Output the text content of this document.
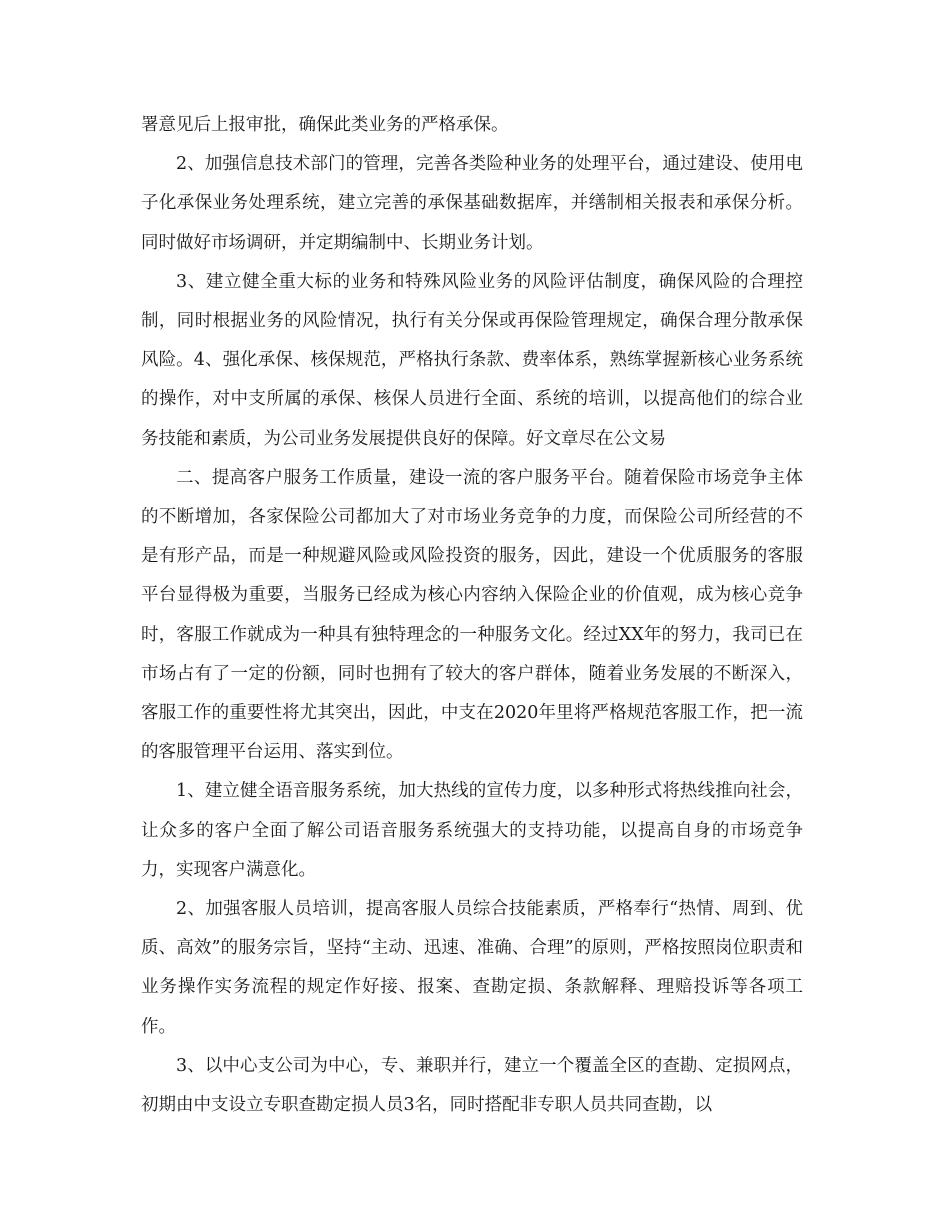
署意见后上报审批，确保此类业务的严格承保。

2、加强信息技术部门的管理，完善各类险种业务的处理平台，通过建设、使用电子化承保业务处理系统，建立完善的承保基础数据库，并缮制相关报表和承保分析。同时做好市场调研，并定期编制中、长期业务计划。

3、建立健全重大标的业务和特殊风险业务的风险评估制度，确保风险的合理控制，同时根据业务的风险情况，执行有关分保或再保险管理规定，确保合理分散承保风险。4、强化承保、核保规范，严格执行条款、费率体系，熟练掌握新核心业务系统的操作，对中支所属的承保、核保人员进行全面、系统的培训，以提高他们的综合业务技能和素质，为公司业务发展提供良好的保障。好文章尽在公文易

二、提高客户服务工作质量，建设一流的客户服务平台。随着保险市场竞争主体的不断增加，各家保险公司都加大了对市场业务竞争的力度，而保险公司所经营的不是有形产品，而是一种规避风险或风险投资的服务，因此，建设一个优质服务的客服平台显得极为重要，当服务已经成为核心内容纳入保险企业的价值观，成为核心竞争时，客服工作就成为一种具有独特理念的一种服务文化。经过XX年的努力，我司已在市场占有了一定的份额，同时也拥有了较大的客户群体，随着业务发展的不断深入，客服工作的重要性将尤其突出，因此，中支在2020年里将严格规范客服工作，把一流的客服管理平台运用、落实到位。

1、建立健全语音服务系统，加大热线的宣传力度，以多种形式将热线推向社会，让众多的客户全面了解公司语音服务系统强大的支持功能，以提高自身的市场竞争力，实现客户满意化。

2、加强客服人员培训，提高客服人员综合技能素质，严格奉行“热情、周到、优质、高效”的服务宗旨，坚持“主动、迅速、准确、合理”的原则，严格按照岗位职责和业务操作实务流程的规定作好接、报案、查勘定损、条款解释、理赔投诉等各项工作。

3、以中心支公司为中心，专、兼职并行，建立一个覆盖全区的查勘、定损网点，初期由中支设立专职查勘定损人员3名，同时搭配非专职人员共同查勘，以
